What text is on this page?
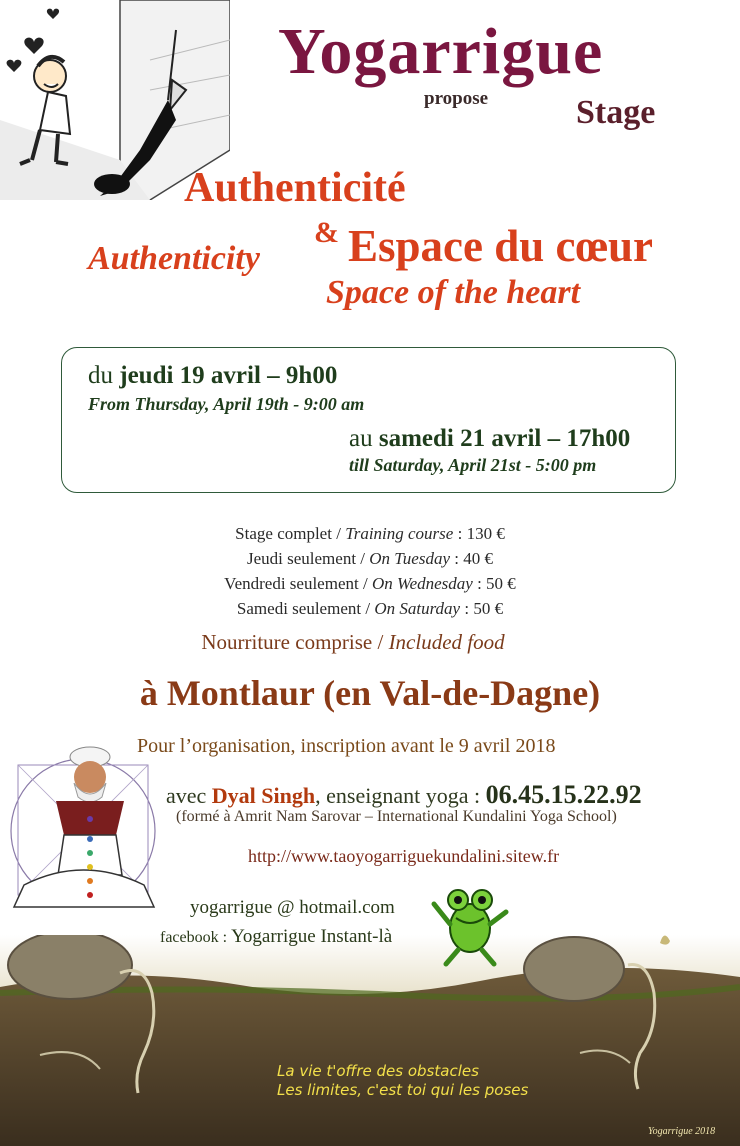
Yogarrigue
propose	Stage
Authenticité
&
Authenticity Espace du cœur
Space of the heart
du jeudi 19 avril – 9h00
From Thursday, April 19th - 9:00 am
au samedi 21 avril – 17h00
till Saturday, April 21st - 5:00 pm
Stage complet / Training course : 130 €
Jeudi seulement / On Tuesday : 40 €
Vendredi seulement / On Wednesday : 50 €
Samedi seulement / On Saturday : 50 €
Nourriture comprise / Included food
à Montlaur (en Val-de-Dagne)
Pour l’organisation, inscription avant le 9 avril 2018
avec Dyal Singh, enseignant yoga : 06.45.15.22.92
(formé à Amrit Nam Sarovar – International Kundalini Yoga School)
http://www.taoyogarriguekundalini.sitew.fr
yogarrigue @ hotmail.com
facebook : Yogarrigue Instant-là
La vie t'offre des obstacles
Les limites, c'est toi qui les poses
Yogarrigue 2018
